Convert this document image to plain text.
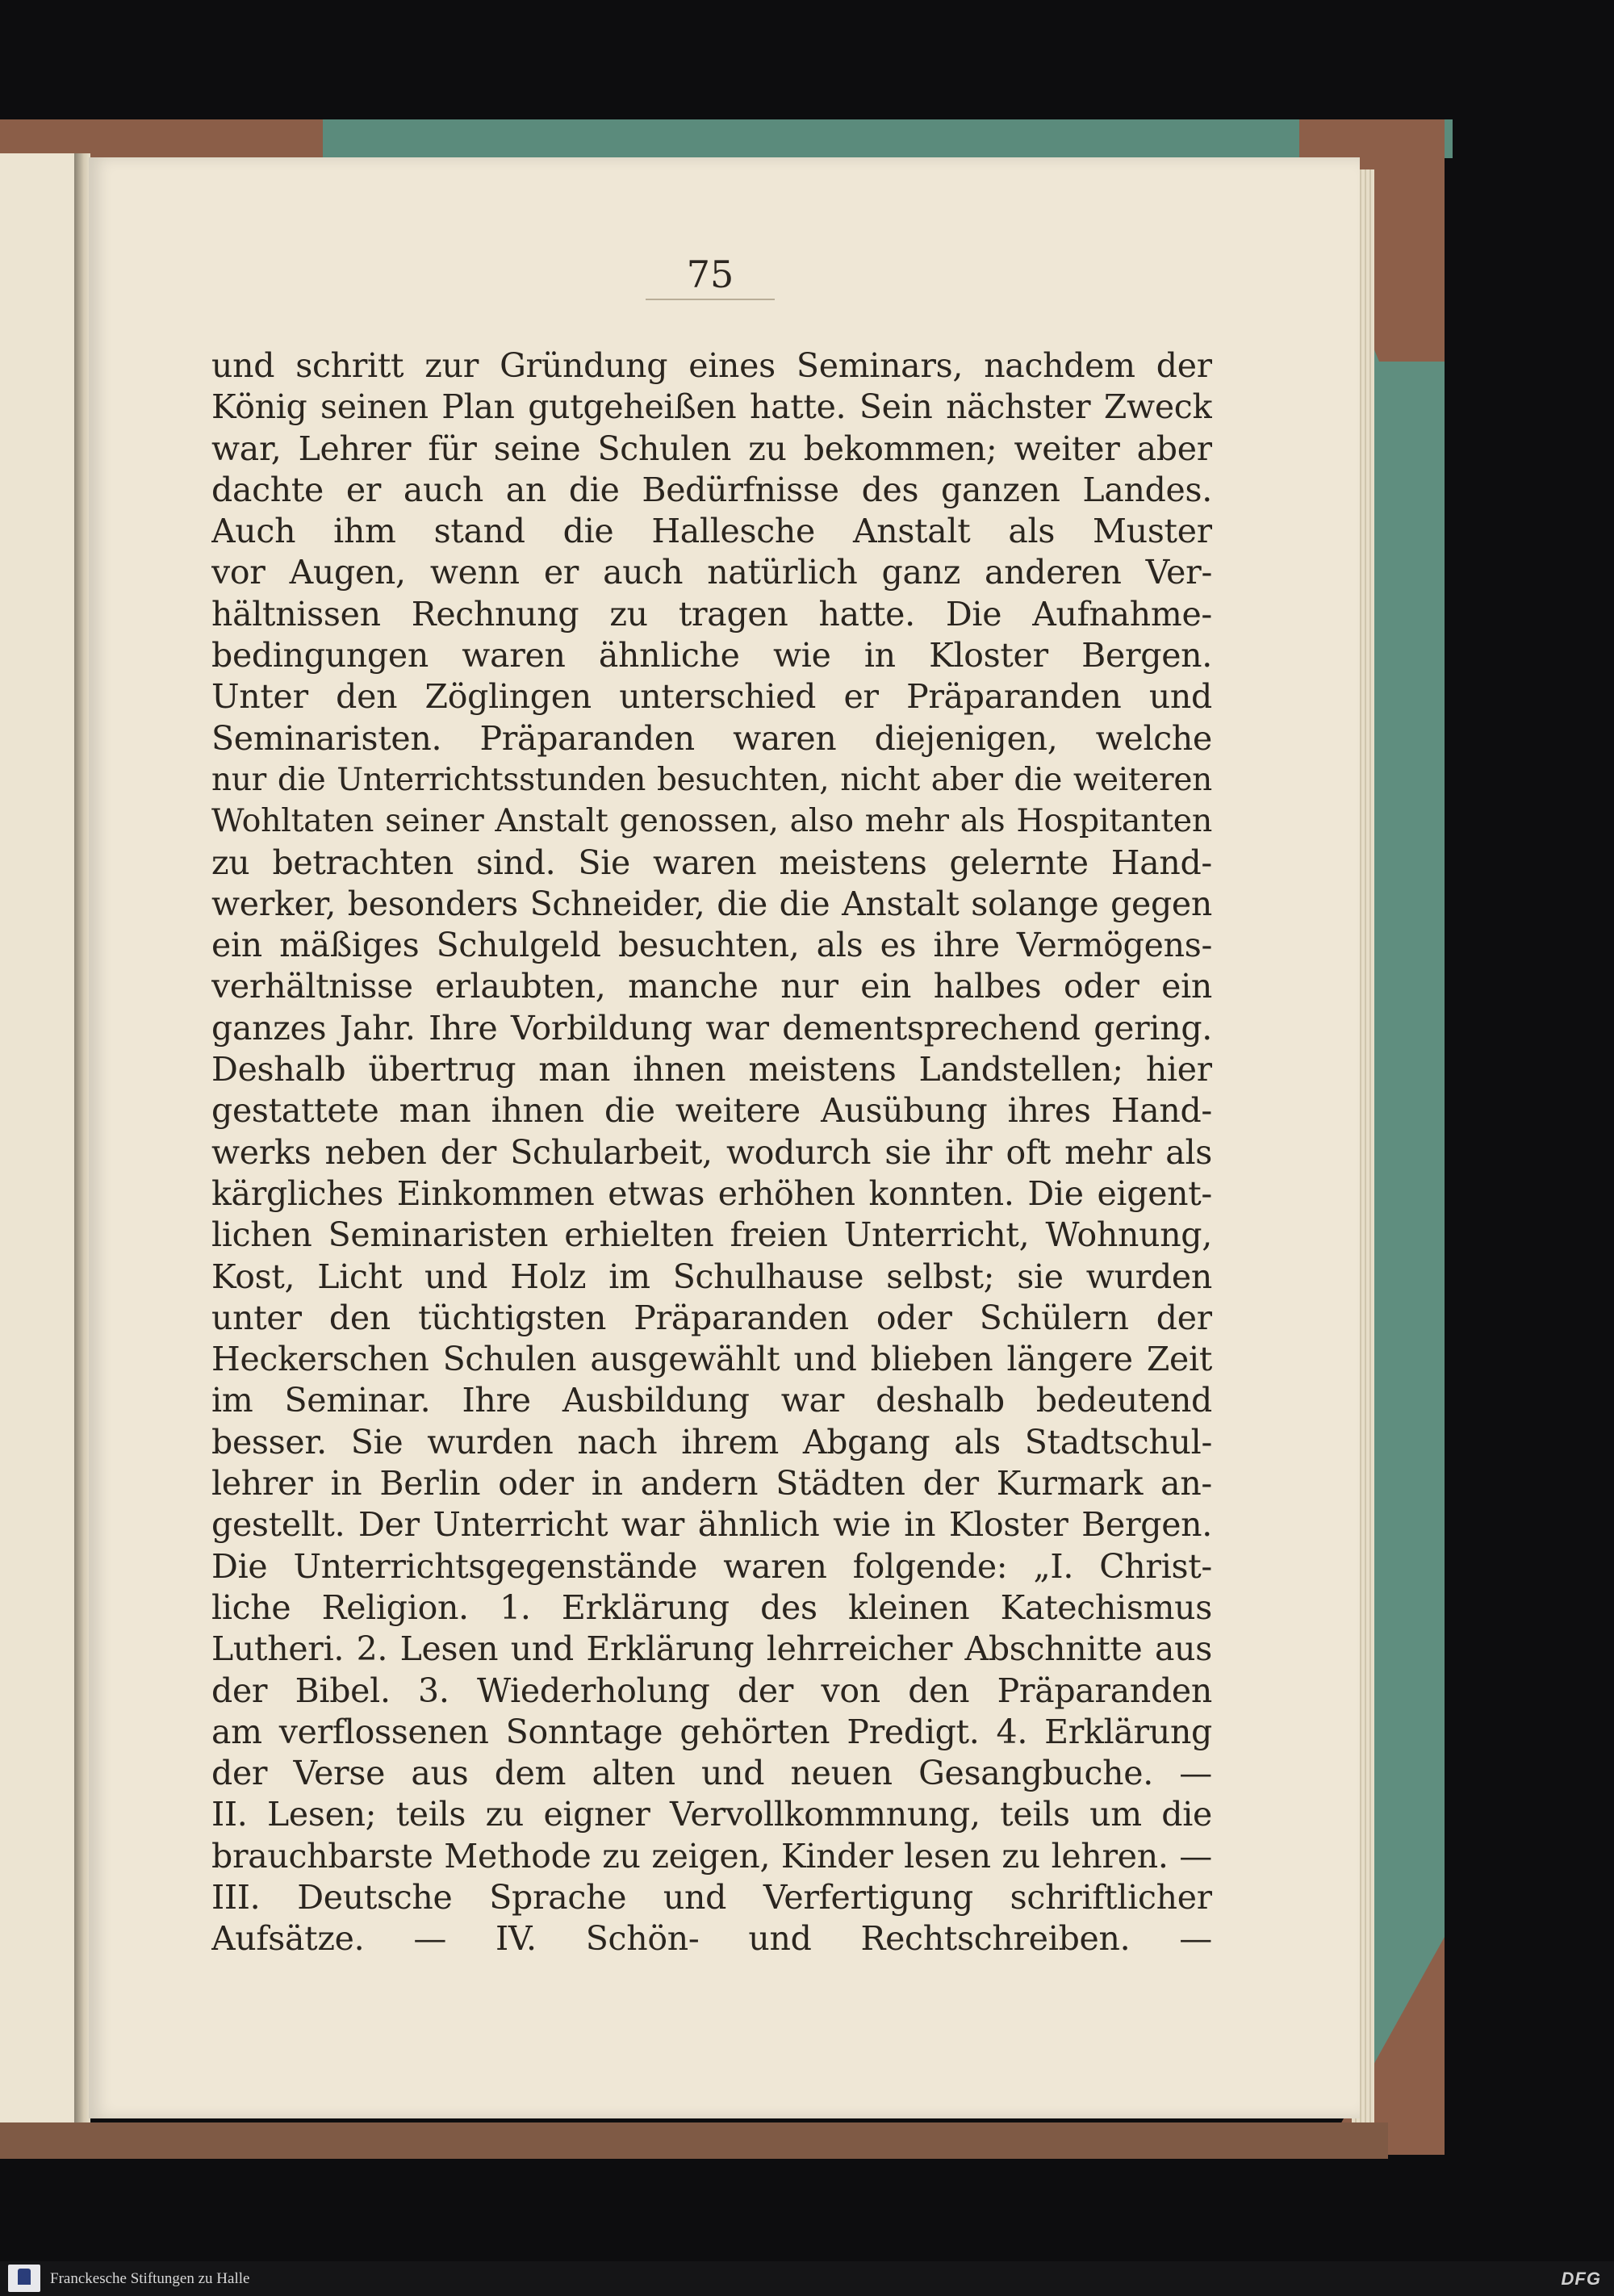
75
und schritt zur Gründung eines Seminars, nachdem der
König seinen Plan gutgeheißen hatte. Sein nächster Zweck
war, Lehrer für seine Schulen zu bekommen; weiter aber
dachte er auch an die Bedürfnisse des ganzen Landes.
Auch ihm stand die Hallesche Anstalt als Muster
vor Augen, wenn er auch natürlich ganz anderen Ver-
hältnissen Rechnung zu tragen hatte. Die Aufnahme-
bedingungen waren ähnliche wie in Kloster Bergen.
Unter den Zöglingen unterschied er Präparanden und
Seminaristen. Präparanden waren diejenigen, welche
nur die Unterrichtsstunden besuchten, nicht aber die weiteren
Wohltaten seiner Anstalt genossen, also mehr als Hospitanten
zu betrachten sind. Sie waren meistens gelernte Hand-
werker, besonders Schneider, die die Anstalt solange gegen
ein mäßiges Schulgeld besuchten, als es ihre Vermögens-
verhältnisse erlaubten, manche nur ein halbes oder ein
ganzes Jahr. Ihre Vorbildung war dementsprechend gering.
Deshalb übertrug man ihnen meistens Landstellen; hier
gestattete man ihnen die weitere Ausübung ihres Hand-
werks neben der Schularbeit, wodurch sie ihr oft mehr als
kärgliches Einkommen etwas erhöhen konnten. Die eigent-
lichen Seminaristen erhielten freien Unterricht, Wohnung,
Kost, Licht und Holz im Schulhause selbst; sie wurden
unter den tüchtigsten Präparanden oder Schülern der
Heckerschen Schulen ausgewählt und blieben längere Zeit
im Seminar. Ihre Ausbildung war deshalb bedeutend
besser. Sie wurden nach ihrem Abgang als Stadtschul-
lehrer in Berlin oder in andern Städten der Kurmark an-
gestellt. Der Unterricht war ähnlich wie in Kloster Bergen.
Die Unterrichtsgegenstände waren folgende: „I. Christ-
liche Religion. 1. Erklärung des kleinen Katechismus
Lutheri. 2. Lesen und Erklärung lehrreicher Abschnitte aus
der Bibel. 3. Wiederholung der von den Präparanden
am verflossenen Sonntage gehörten Predigt. 4. Erklärung
der Verse aus dem alten und neuen Gesangbuche. —
II. Lesen; teils zu eigner Vervollkommnung, teils um die
brauchbarste Methode zu zeigen, Kinder lesen zu lehren. —
III. Deutsche Sprache und Verfertigung schriftlicher
Aufsätze. — IV. Schön- und Rechtschreiben. —
Franckesche Stiftungen zu Halle	DFG
